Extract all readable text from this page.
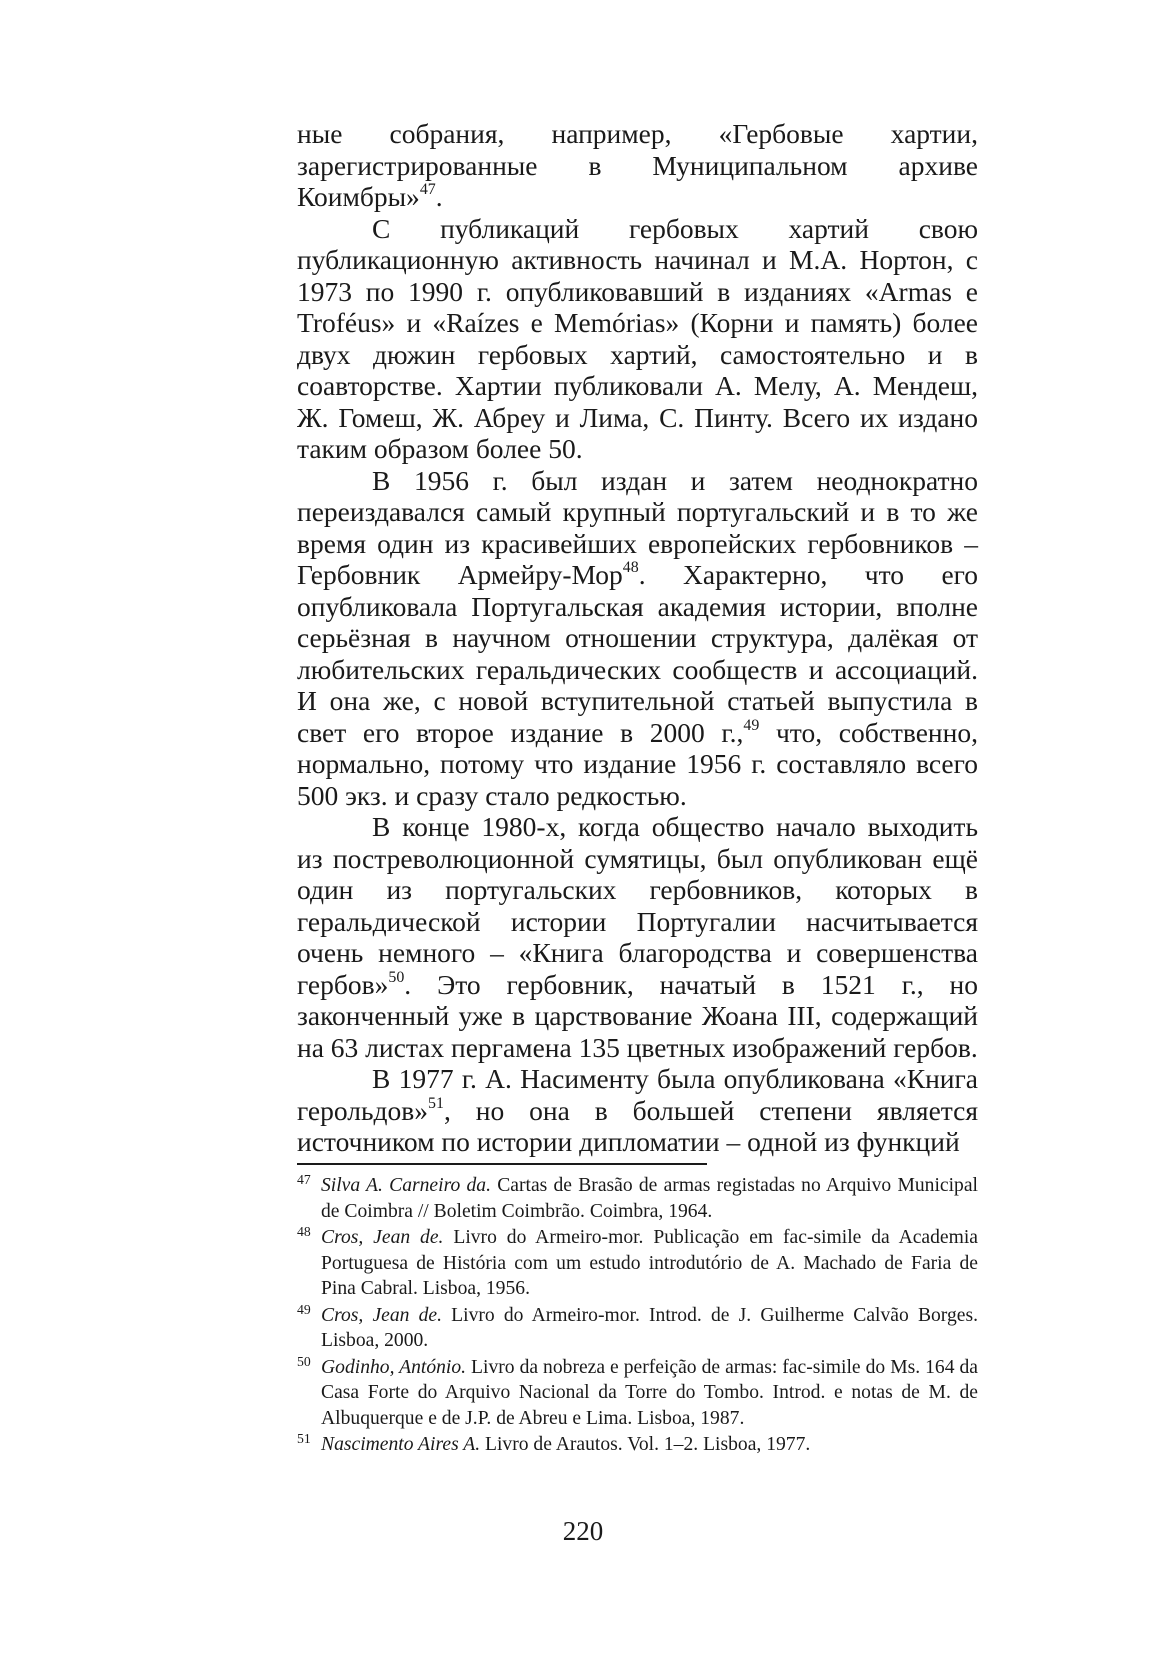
ные собрания, например, «Гербовые хартии, зарегистрированные в Муниципальном архиве Коимбры»$^{47}$.

С публикаций гербовых хартий свою публикационную активность начинал и М.А. Нортон, с 1973 по 1990 г. опубликовавший в изданиях «Armas e Troféus» и «Raízes e Memórias» (Корни и память) более двух дюжин гербовых хартий, самостоятельно и в соавторстве. Хартии публиковали А. Мелу, А. Мендеш, Ж. Гомеш, Ж. Абреу и Лима, С. Пинту. Всего их издано таким образом более 50.

В 1956 г. был издан и затем неоднократно переиздавался самый крупный португальский и в то же время один из красивейших европейских гербовников – Гербовник Армейру-Мор$^{48}$. Характерно, что его опубликовала Португальская академия истории, вполне серьёзная в научном отношении структура, далёкая от любительских геральдических сообществ и ассоциаций. И она же, с новой вступительной статьей выпустила в свет его второе издание в 2000 г.,$^{49}$ что, собственно, нормально, потому что издание 1956 г. составляло всего 500 экз. и сразу стало редкостью.

В конце 1980-х, когда общество начало выходить из постреволюционной сумятицы, был опубликован ещё один из португальских гербовников, которых в геральдической истории Португалии насчитывается очень немного – «Книга благородства и совершенства гербов»$^{50}$. Это гербовник, начатый в 1521 г., но законченный уже в царствование Жоана III, содержащий на 63 листах пергамена 135 цветных изображений гербов.

В 1977 г. А. Насименту была опубликована «Книга герольдов»$^{51}$, но она в большей степени является источником по истории дипломатии – одной из функций

47 Silva A. Carneiro da. Cartas de Brasão de armas registadas no Arquivo Municipal de Coimbra // Boletim Coimbrão. Coimbra, 1964.
48 Cros, Jean de. Livro do Armeiro-mor. Publicação em fac-simile da Academia Portuguesa de História com um estudo introdutório de A. Machado de Faria de Pina Cabral. Lisboa, 1956.
49 Cros, Jean de. Livro do Armeiro-mor. Introd. de J. Guilherme Calvão Borges. Lisboa, 2000.
50 Godinho, António. Livro da nobreza e perfeição de armas: fac-simile do Ms. 164 da Casa Forte do Arquivo Nacional da Torre do Tombo. Introd. e notas de M. de Albuquerque e de J.P. de Abreu e Lima. Lisboa, 1987.
51 Nascimento Aires A. Livro de Arautos. Vol. 1–2. Lisboa, 1977.
220
